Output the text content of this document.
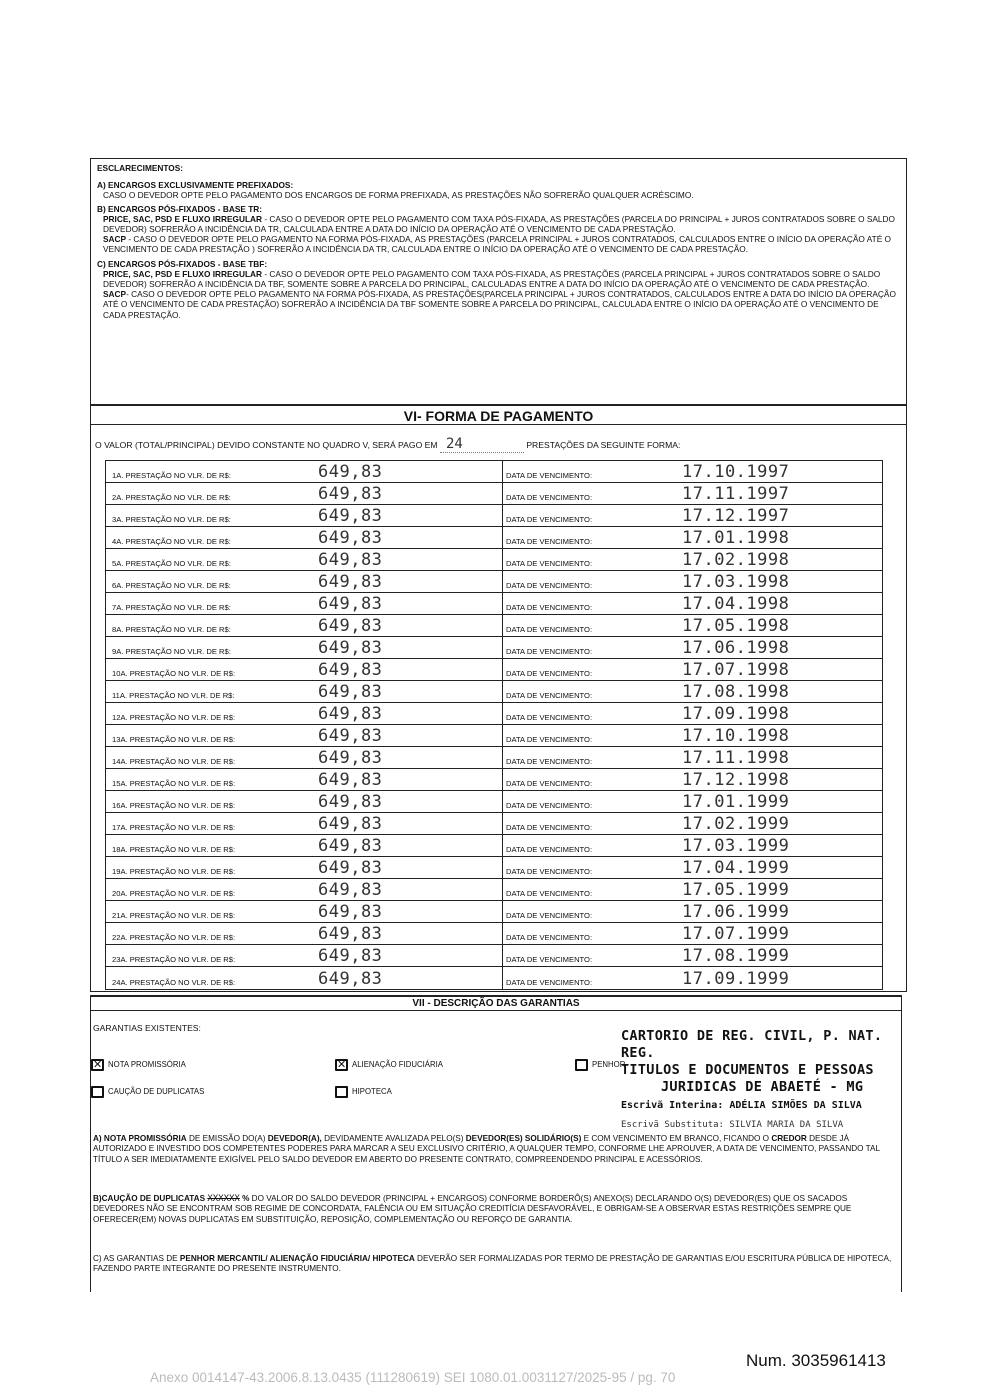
ESCLARECIMENTOS:

A) ENCARGOS EXCLUSIVAMENTE PREFIXADOS:

CASO O DEVEDOR OPTE PELO PAGAMENTO DOS ENCARGOS DE FORMA PREFIXADA, AS PRESTAÇÕES NÃO SOFRERÃO QUALQUER ACRÉSCIMO.

B) ENCARGOS PÓS-FIXADOS - BASE TR:

PRICE, SAC, PSD E FLUXO IRREGULAR - CASO O DEVEDOR OPTE PELO PAGAMENTO COM TAXA PÓS-FIXADA, AS PRESTAÇÕES (PARCELA DO PRINCIPAL + JUROS CONTRATADOS SOBRE O SALDO DEVEDOR) SOFRERÃO A INCIDÊNCIA DA TR, CALCULADA ENTRE A DATA DO INÍCIO DA OPERAÇÃO ATÉ O VENCIMENTO DE CADA PRESTAÇÃO.

SACP - CASO O DEVEDOR OPTE PELO PAGAMENTO NA FORMA PÓS-FIXADA, AS PRESTAÇÕES (PARCELA PRINCIPAL + JUROS CONTRATADOS, CALCULADOS ENTRE O INÍCIO DA OPERAÇÃO ATÉ O VENCIMENTO DE CADA PRESTAÇÃO ) SOFRERÃO A INCIDÊNCIA DA TR, CALCULADA ENTRE O INÍCIO DA OPERAÇÃO ATÉ O VENCIMENTO DE CADA PRESTAÇÃO.

C) ENCARGOS PÓS-FIXADOS - BASE TBF:

PRICE, SAC, PSD E FLUXO IRREGULAR - CASO O DEVEDOR OPTE PELO PAGAMENTO COM TAXA PÓS-FIXADA, AS PRESTAÇÕES (PARCELA PRINCIPAL + JUROS CONTRATADOS SOBRE O SALDO DEVEDOR) SOFRERÃO A INCIDÊNCIA DA TBF, SOMENTE SOBRE A PARCELA DO PRINCIPAL, CALCULADAS ENTRE A DATA DO INÍCIO DA OPERAÇÃO ATÉ O VENCIMENTO DE CADA PRESTAÇÃO.

SACP- CASO O DEVEDOR OPTE PELO PAGAMENTO NA FORMA PÓS-FIXADA, AS PRESTAÇÕES(PARCELA PRINCIPAL + JUROS CONTRATADOS, CALCULADOS ENTRE A DATA DO INÍCIO DA OPERAÇÃO ATÉ O VENCIMENTO DE CADA PRESTAÇÃO) SOFRERÃO A INCIDÊNCIA DA TBF SOMENTE SOBRE A PARCELA DO PRINCIPAL, CALCULADA ENTRE O INÍCIO DA OPERAÇÃO ATÉ O VENCIMENTO DE CADA PRESTAÇÃO.

VI- FORMA DE PAGAMENTO
O VALOR (TOTAL/PRINCIPAL) DEVIDO CONSTANTE NO QUADRO V, SERÁ PAGO EM 24	PRESTAÇÕES DA SEGUINTE FORMA:
1A. PRESTAÇÃO NO VLR. DE R$:	649,83	DATA DE VENCIMENTO:	17.10.1997
2A. PRESTAÇÃO NO VLR. DE R$:	649,83	DATA DE VENCIMENTO:	17.11.1997
3A. PRESTAÇÃO NO VLR. DE R$:	649,83	DATA DE VENCIMENTO:	17.12.1997
4A. PRESTAÇÃO NO VLR. DE R$:	649,83	DATA DE VENCIMENTO:	17.01.1998
5A. PRESTAÇÃO NO VLR. DE R$:	649,83	DATA DE VENCIMENTO:	17.02.1998
6A. PRESTAÇÃO NO VLR. DE R$:	649,83	DATA DE VENCIMENTO:	17.03.1998
7A. PRESTAÇÃO NO VLR. DE R$:	649,83	DATA DE VENCIMENTO:	17.04.1998
8A. PRESTAÇÃO NO VLR. DE R$:	649,83	DATA DE VENCIMENTO:	17.05.1998
9A. PRESTAÇÃO NO VLR. DE R$:	649,83	DATA DE VENCIMENTO:	17.06.1998
10A. PRESTAÇÃO NO VLR. DE R$:	649,83	DATA DE VENCIMENTO:	17.07.1998
11A. PRESTAÇÃO NO VLR. DE R$:	649,83	DATA DE VENCIMENTO:	17.08.1998
12A. PRESTAÇÃO NO VLR. DE R$:	649,83	DATA DE VENCIMENTO:	17.09.1998
13A. PRESTAÇÃO NO VLR. DE R$:	649,83	DATA DE VENCIMENTO:	17.10.1998
14A. PRESTAÇÃO NO VLR. DE R$:	649,83	DATA DE VENCIMENTO:	17.11.1998
15A. PRESTAÇÃO NO VLR. DE R$:	649,83	DATA DE VENCIMENTO:	17.12.1998
16A. PRESTAÇÃO NO VLR. DE R$:	649,83	DATA DE VENCIMENTO:	17.01.1999
17A. PRESTAÇÃO NO VLR. DE R$:	649,83	DATA DE VENCIMENTO:	17.02.1999
18A. PRESTAÇÃO NO VLR. DE R$:	649,83	DATA DE VENCIMENTO:	17.03.1999
19A. PRESTAÇÃO NO VLR. DE R$:	649,83	DATA DE VENCIMENTO:	17.04.1999
20A. PRESTAÇÃO NO VLR. DE R$:	649,83	DATA DE VENCIMENTO:	17.05.1999
21A. PRESTAÇÃO NO VLR. DE R$:	649,83	DATA DE VENCIMENTO:	17.06.1999
22A. PRESTAÇÃO NO VLR. DE R$:	649,83	DATA DE VENCIMENTO:	17.07.1999
23A. PRESTAÇÃO NO VLR. DE R$:	649,83	DATA DE VENCIMENTO:	17.08.1999
24A. PRESTAÇÃO NO VLR. DE R$:	649,83	DATA DE VENCIMENTO:	17.09.1999
VII - DESCRIÇÃO DAS GARANTIAS
GARANTIAS EXISTENTES:
✕NOTA PROMISSÓRIA
✕	ALIENAÇÃO FIDUCIÁRIA	PENHOR
CAUÇÃO DE DUPLICATAS	HIPOTECA
CARTORIO DE REG. CIVIL, P. NAT. REG.
TITULOS E DOCUMENTOS E PESSOAS
JURIDICAS DE ABAETÉ - MG
Escrivã Interina: ADÉLIA SIMÕES DA SILVA
Escrivã Substituta: SILVIA MARIA DA SILVA
A) NOTA PROMISSÓRIA DE EMISSÃO DO(A) DEVEDOR(A), DEVIDAMENTE AVALIZADA PELO(S) DEVEDOR(ES) SOLIDÁRIO(S) E COM VENCIMENTO EM BRANCO, FICANDO O CREDOR DESDE JÁ AUTORIZADO E INVESTIDO DOS COMPETENTES PODERES PARA MARCAR A SEU EXCLUSIVO CRITÉRIO, A QUALQUER TEMPO, CONFORME LHE APROUVER, A DATA DE VENCIMENTO, PASSANDO TAL TÍTULO A SER IMEDIATAMENTE EXIGÍVEL PELO SALDO DEVEDOR EM ABERTO DO PRESENTE CONTRATO, COMPREENDENDO PRINCIPAL E ACESSÓRIOS.
B)CAUÇÃO DE DUPLICATAS XXXXXX % DO VALOR DO SALDO DEVEDOR (PRINCIPAL + ENCARGOS) CONFORME BORDERÔ(S) ANEXO(S) DECLARANDO O(S) DEVEDOR(ES) QUE OS SACADOS DEVEDORES NÃO SE ENCONTRAM SOB REGIME DE CONCORDATA, FALÊNCIA OU EM SITUAÇÃO CREDITÍCIA DESFAVORÁVEL, E OBRIGAM-SE A OBSERVAR ESTAS RESTRIÇÕES SEMPRE QUE OFERECER(EM) NOVAS DUPLICATAS EM SUBSTITUIÇÃO, REPOSIÇÃO, COMPLEMENTAÇÃO OU REFORÇO DE GARANTIA.
C) AS GARANTIAS DE PENHOR MERCANTIL/ ALIENAÇÃO FIDUCIÁRIA/ HIPOTECA DEVERÃO SER FORMALIZADAS POR TERMO DE PRESTAÇÃO DE GARANTIAS E/OU ESCRITURA PÚBLICA DE HIPOTECA, FAZENDO PARTE INTEGRANTE DO PRESENTE INSTRUMENTO.
Num. 3035961413
Anexo 0014147-43.2006.8.13.0435 (111280619) SEI 1080.01.0031127/2025-95 / pg. 70
